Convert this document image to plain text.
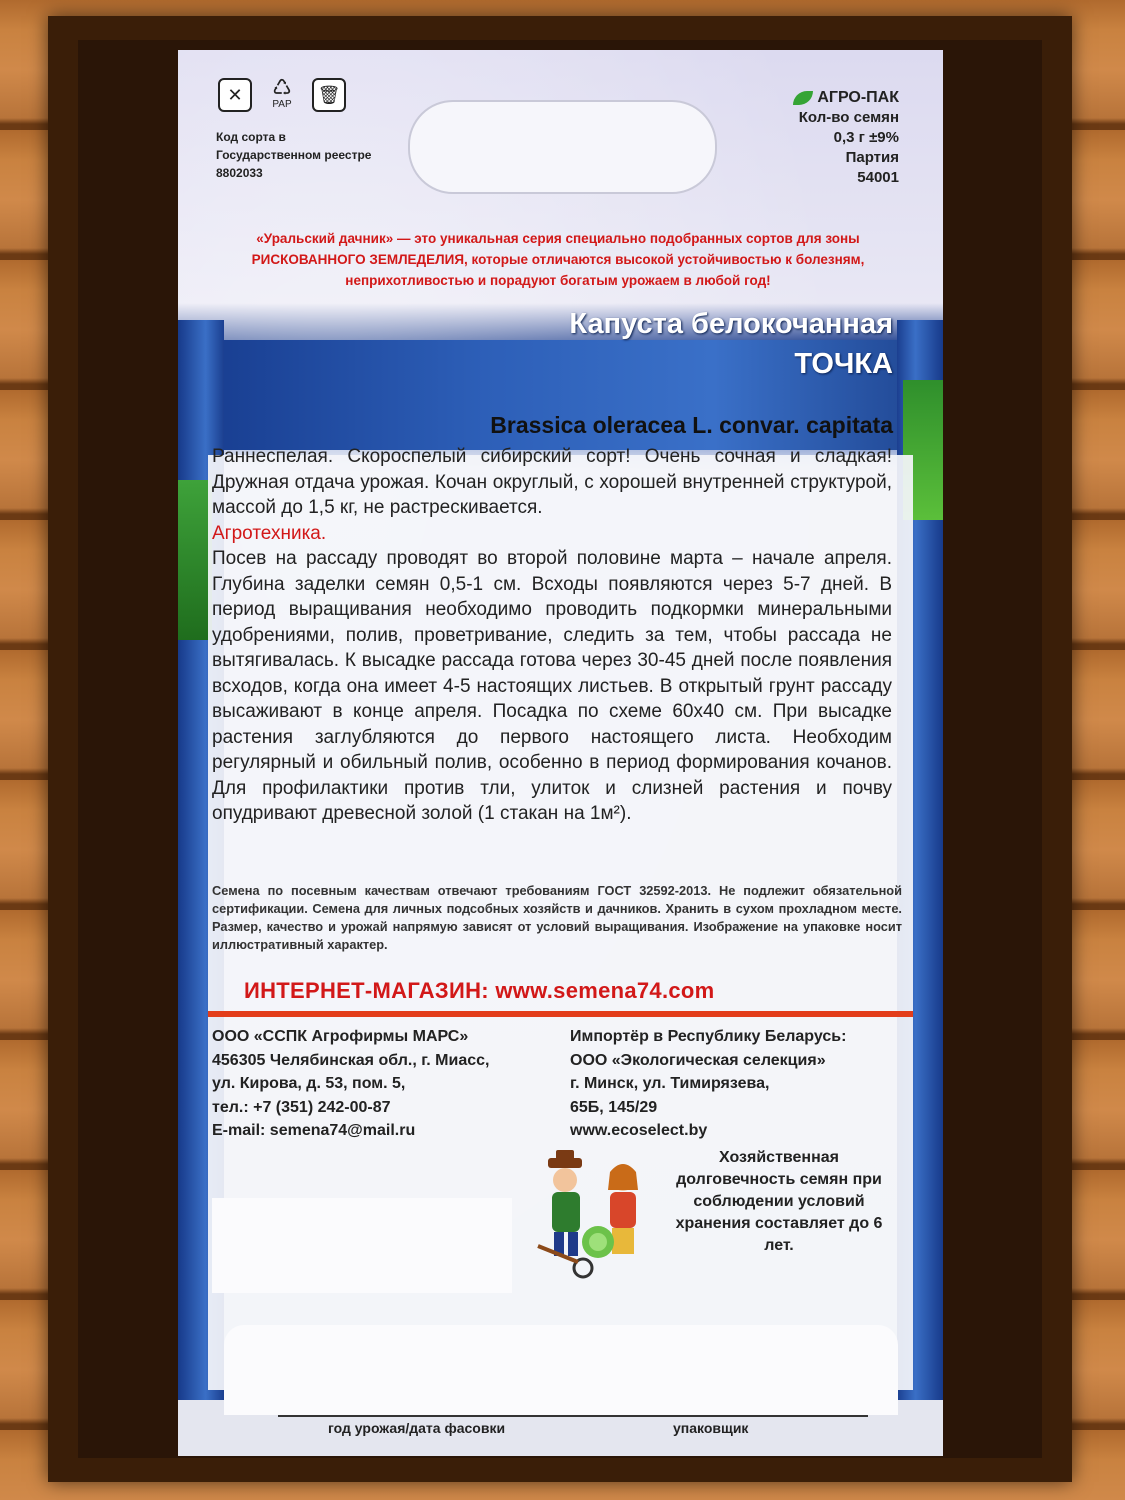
✕	♺
PAP	🗑
Код сорта в Государственном реестре
8802033
АГРО-ПАК
Кол-во семян
0,3 г ±9%
Партия
54001
«Уральский дачник» — это уникальная серия специально подобранных сортов для зоны РИСКОВАННОГО ЗЕМЛЕДЕЛИЯ, которые отличаются высокой устойчивостью к болезням, неприхотливостью и порадуют богатым урожаем в любой год!
Капуста белокочанная
ТОЧКА
Brassica oleracea L. convar. capitata
Раннеспелая. Скороспелый сибирский сорт! Очень сочная и сладкая! Дружная отдача урожая. Кочан округлый, с хорошей внутренней структурой, массой до 1,5 кг, не растрескивается.
Агротехника.
Посев на рассаду проводят во второй половине марта – начале апреля. Глубина заделки семян 0,5-1 см. Всходы появляются через 5-7 дней. В период выращивания необходимо проводить подкормки минеральными удобрениями, полив, проветривание, следить за тем, чтобы рассада не вытягивалась. К высадке рассада готова через 30-45 дней после появления всходов, когда она имеет 4-5 настоящих листьев. В открытый грунт рассаду высаживают в конце апреля. Посадка по схеме 60х40 см. При высадке растения заглубляются до первого настоящего листа. Необходим регулярный и обильный полив, особенно в период формирования кочанов. Для профилактики против тли, улиток и слизней растения и почву опудривают древесной золой (1 стакан на 1м²).
Семена по посевным качествам отвечают требованиям ГОСТ 32592-2013. Не подлежит обязательной сертификации. Семена для личных подсобных хозяйств и дачников. Хранить в сухом прохладном месте. Размер, качество и урожай напрямую зависят от условий выращивания. Изображение на упаковке носит иллюстративный характер.
ИНТЕРНЕТ-МАГАЗИН: www.semena74.com
ООО «ССПК Агрофирмы МАРС»
456305 Челябинская обл., г. Миасс,
ул. Кирова, д. 53, пом. 5,
тел.: +7 (351) 242-00-87
E-mail: semena74@mail.ru
Импортёр в Республику Беларусь:
ООО «Экологическая селекция»
г. Минск, ул. Тимирязева,
65Б, 145/29
www.ecoselect.by
Хозяйственная долговечность семян при соблюдении условий хранения составляет до 6 лет.
год урожая/дата фасовки	упаковщик
